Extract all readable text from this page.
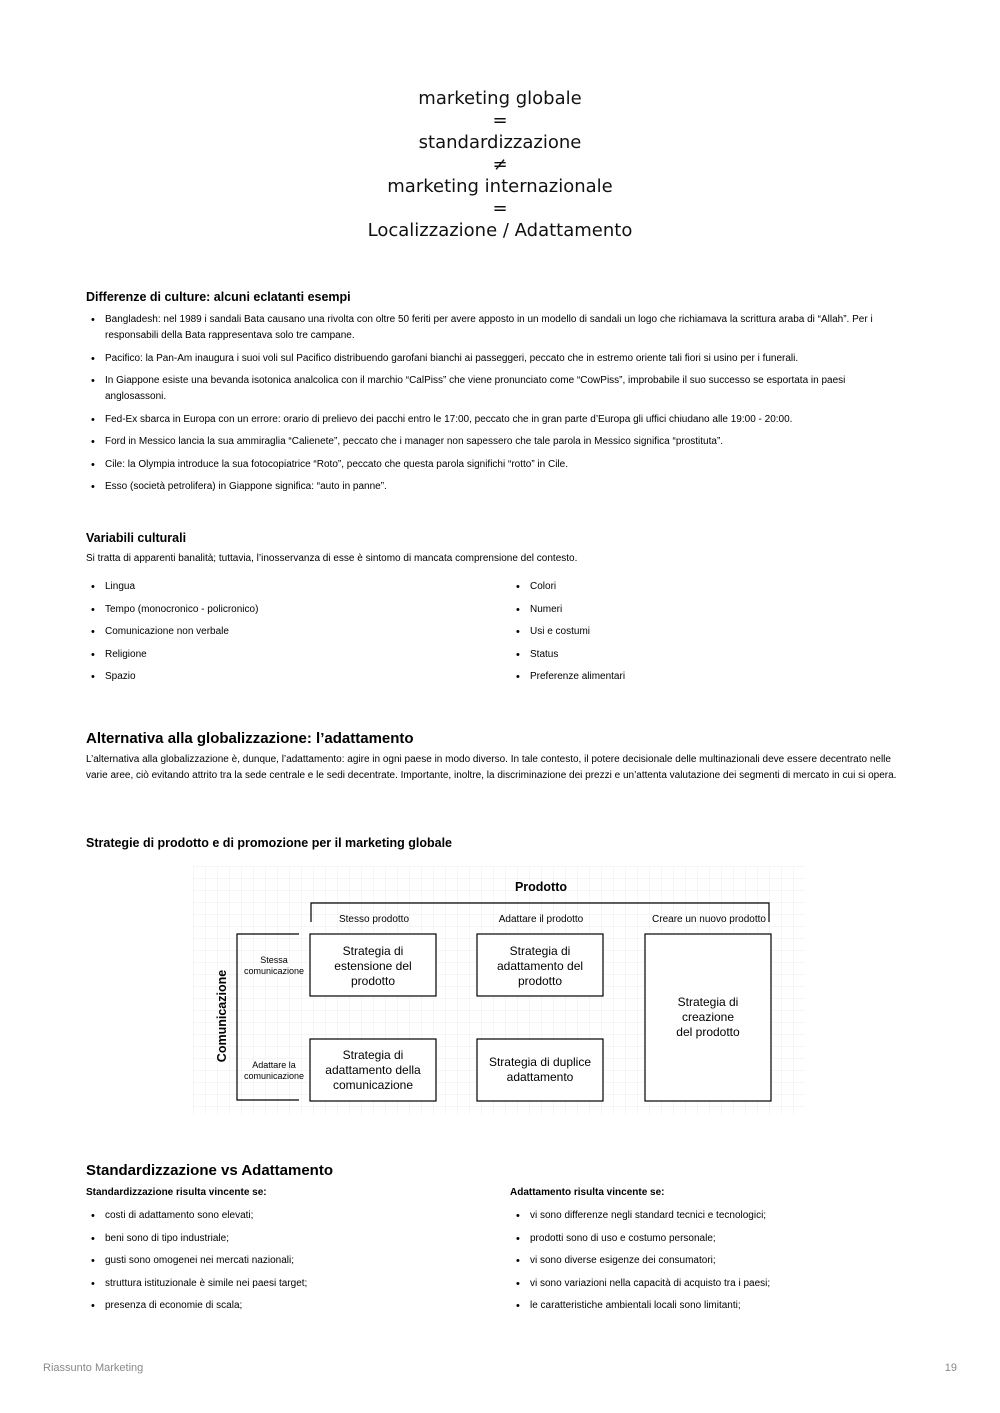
marketing globale
=
standardizzazione
≠
marketing internazionale
=
Localizzazione / Adattamento
Differenze di culture: alcuni eclatanti esempi
• Bangladesh: nel 1989 i sandali Bata causano una rivolta con oltre 50 feriti per avere apposto in un modello di sandali un logo che richiamava la scrittura araba di “Allah”. Per i responsabili della Bata rappresentava solo tre campane.
• Pacifico: la Pan-Am inaugura i suoi voli sul Pacifico distribuendo garofani bianchi ai passeggeri, peccato che in estremo oriente tali fiori si usino per i funerali.
• In Giappone esiste una bevanda isotonica analcolica con il marchio “CalPiss” che viene pronunciato come “CowPiss”, improbabile il suo successo se esportata in paesi anglosassoni.
• Fed-Ex sbarca in Europa con un errore: orario di prelievo dei pacchi entro le 17:00, peccato che in gran parte d’Europa gli uffici chiudano alle 19:00 - 20:00.
• Ford in Messico lancia la sua ammiraglia “Calienete”, peccato che i manager non sapessero che tale parola in Messico significa “prostituta”.
• Cile: la Olympia introduce la sua fotocopiatrice “Roto”, peccato che questa parola significhi “rotto” in Cile.
• Esso (società petrolifera) in Giappone significa: “auto in panne”.
Variabili culturali
Si tratta di apparenti banalità; tuttavia, l’inosservanza di esse è sintomo di mancata comprensione del contesto.
• Lingua
• Tempo (monocronico - policronico)
• Comunicazione non verbale
• Religione
• Spazio
• Colori
• Numeri
• Usi e costumi
• Status
• Preferenze alimentari
Alternativa alla globalizzazione: l’adattamento
L’alternativa alla globalizzazione è, dunque, l’adattamento: agire in ogni paese in modo diverso. In tale contesto, il potere decisionale delle multinazionali deve essere decentrato nelle varie aree, ciò evitando attrito tra la sede centrale e le sedi decentrate. Importante, inoltre, la discriminazione dei prezzi e un’attenta valutazione dei segmenti di mercato in cui si opera.
Strategie di prodotto e di promozione per il marketing globale
Prodotto
Comunicazione
Stesso prodotto	Adattare il prodotto	Creare un nuovo prodotto
Stessa
comunicazione
Adattare la
comunicazione
Strategia di
estensione del
prodotto
Strategia di
adattamento del
prodotto
Strategia di
adattamento della
comunicazione
Strategia di duplice
adattamento
Strategia di
creazione
del prodotto
Standardizzazione vs Adattamento
Standardizzazione risulta vincente se:	Adattamento risulta vincente se:
• costi di adattamento sono elevati;
• beni sono di tipo industriale;
• gusti sono omogenei nei mercati nazionali;
• struttura istituzionale è simile nei paesi target;
• presenza di economie di scala;
• vi sono differenze negli standard tecnici e tecnologici;
• prodotti sono di uso e costumo personale;
• vi sono diverse esigenze dei consumatori;
• vi sono variazioni nella capacità di acquisto tra i paesi;
• le caratteristiche ambientali locali sono limitanti;
Riassunto Marketing	19
